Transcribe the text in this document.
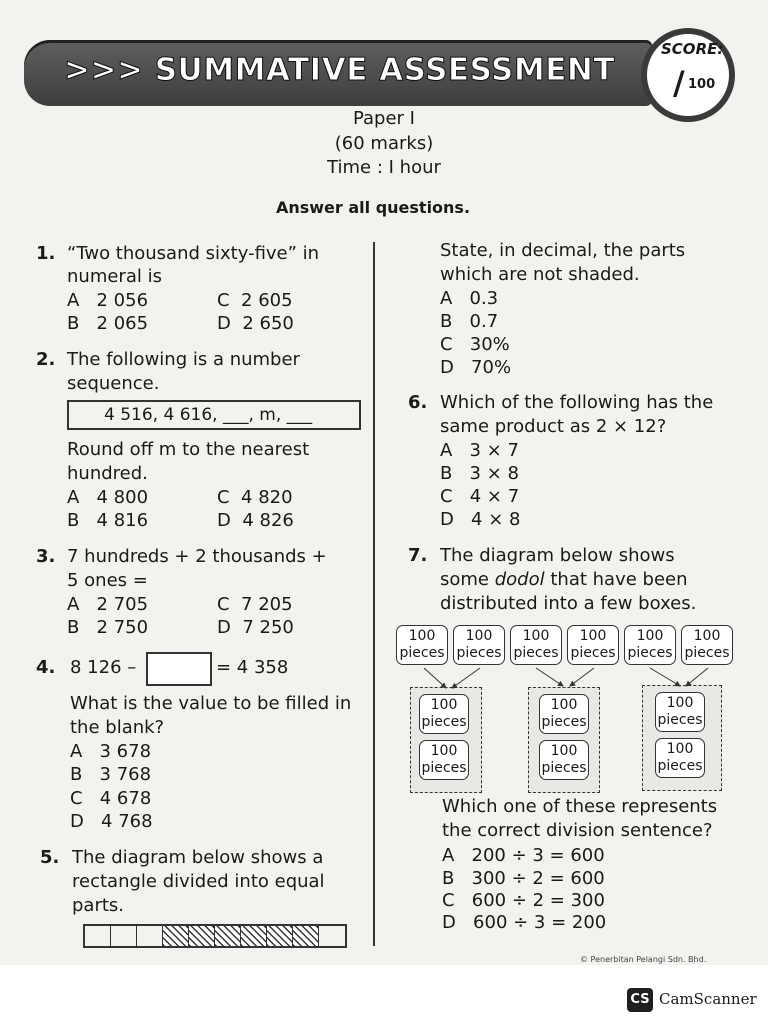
>>> SUMMATIVE ASSESSMENT
SCORE:
/ 100
Paper I
(60 marks)
Time : I hour
Answer all questions.
1. “Two thousand sixty-five” in
numeral is
A 2 056
B 2 065
C 2 605
D 2 650
2. The following is a number
sequence.
4 516, 4 616, ___, m, ___
Round off m to the nearest
hundred.
A 4 800
B 4 816
C 4 820
D 4 826
3. 7 hundreds + 2 thousands +
5 ones =
A 2 705
B 2 750
C 7 205
D 7 250
4. 8 126 –	= 4 358
What is the value to be filled in
the blank?
A 3 678
B 3 768
C 4 678
D 4 768
5. The diagram below shows a
rectangle divided into equal
parts.
State, in decimal, the parts
which are not shaded.
A 0.3
B 0.7
C 30%
D 70%
6. Which of the following has the
same product as 2 × 12?
A 3 × 7
B 3 × 8
C 4 × 7
D 4 × 8
7. The diagram below shows
some dodol that have been
distributed into a few boxes.
100
pieces
100
pieces
100
pieces
100
pieces
100
pieces
100
pieces
100
pieces
100
pieces
100
pieces
100
pieces
100
pieces
100
pieces
Which one of these represents
the correct division sentence?
A 200 ÷ 3 = 600
B 300 ÷ 2 = 600
C 600 ÷ 2 = 300
D 600 ÷ 3 = 200
© Penerbitan Pelangi Sdn. Bhd.
CS CamScanner
